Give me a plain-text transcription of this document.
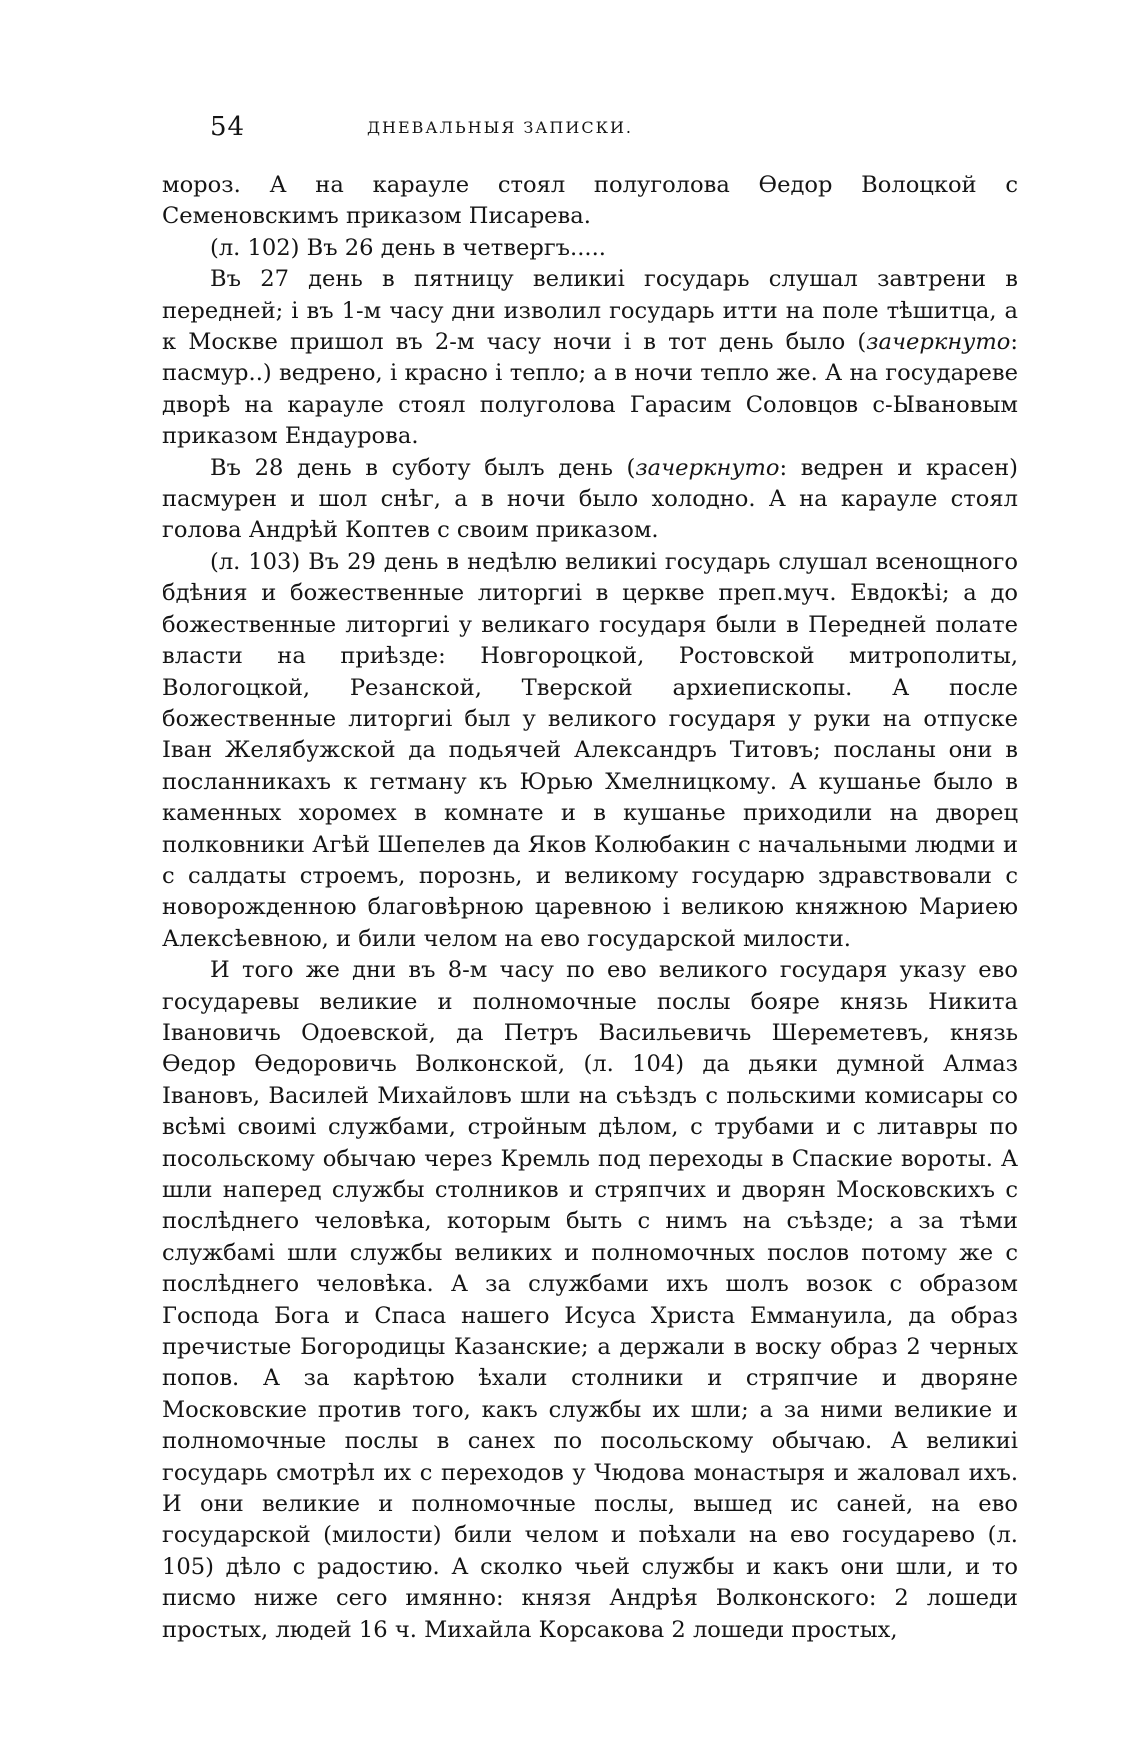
54	ДНЕВАЛЬНЫЯ ЗАПИСКИ.

мороз. А на карауле стоял полуголова Ѳедор Волоцкой с Семеновскимъ приказом Писарева.

(л. 102) Въ 26 день в четвергъ.....

Въ 27 день в пятницу великиі государь слушал завтрени в передней; і въ 1-м часу дни изволил государь итти на поле тѣшитца, а к Москве пришол въ 2-м часу ночи і в тот день было (зачеркнуто: пасмур..) ведрено, і красно і тепло; а в ночи тепло же. А на государеве дворѣ на карауле стоял полуголова Гарасим Соловцов с-Ывановым приказом Ендаурова.

Въ 28 день в суботу былъ день (зачеркнуто: ведрен и красен) пасмурен и шол снѣг, а в ночи было холодно. А на карауле стоял голова Андрѣй Коптев с своим приказом.

(л. 103) Въ 29 день в недѣлю великиі государь слушал всенощного бдѣния и божественные литоргиі в церкве преп.муч. Евдокѣі; а до божественные литоргиі у великаго государя были в Передней полате власти на приѣзде: Новгороцкой, Ростовской митрополиты, Вологоцкой, Резанской, Тверской архиепископы. А после божественные литоргиі был у великого государя у руки на отпуске Іван Желябужской да подьячей Александръ Титовъ; посланы они в посланникахъ к гетману къ Юрью Хмелницкому. А кушанье было в каменных хоромех в комнате и в кушанье приходили на дворец полковники Агѣй Шепелев да Яков Колюбакин с начальными людми и с салдаты строемъ, порознь, и великому государю здравствовали с новорожденною благовѣрною царевною і великою княжною Мариею Алексѣевною, и били челом на ево государской милости.

И того же дни въ 8-м часу по ево великого государя указу ево государевы великие и полномочные послы бояре князь Никита Івановичь Одоевской, да Петръ Васильевичь Шереметевъ, князь Ѳедор Ѳедоровичь Волконской, (л. 104) да дьяки думной Алмаз Івановъ, Василей Михайловъ шли на съѣздъ с польскими комисары со всѣмі своимі службами, стройным дѣлом, с трубами и с литавры по посольскому обычаю через Кремль под переходы в Спаские вороты. А шли наперед службы столников и стряпчих и дворян Московскихъ с послѣднего человѣка, которым быть с нимъ на съѣзде; а за тѣми службамі шли службы великих и полномочных послов потому же с послѣднего человѣка. А за службами ихъ шолъ возок с образом Господа Бога и Спаса нашего Исуса Христа Еммануила, да образ пречистые Богородицы Казанские; а держали в воску образ 2 черных попов. А за карѣтою ѣхали столники и стряпчие и дворяне Московские против того, какъ службы их шли; а за ними великие и полномочные послы в санех по посольскому обычаю. А великиі государь смотрѣл их с переходов у Чюдова монастыря и жаловал ихъ. И они великие и полномочные послы, вышед ис саней, на ево государской (милости) били челом и поѣхали на ево государево (л. 105) дѣло с радостию. А сколко чьей службы и какъ они шли, и то писмо ниже сего имянно: князя Андрѣя Волконского: 2 лошеди простых, людей 16 ч. Михайла Корсакова 2 лошеди простых,
